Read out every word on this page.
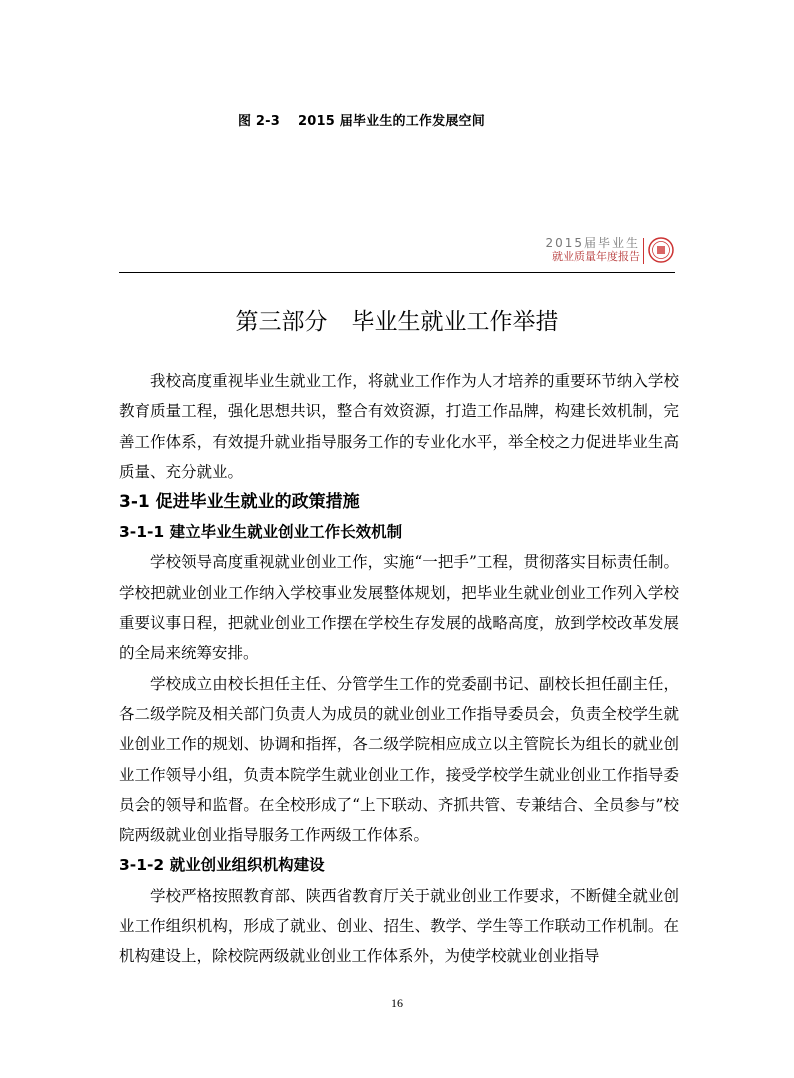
图 2-3 2015 届毕业生的工作发展空间
2015届毕业生
就业质量年度报告
第三部分 毕业生就业工作举措

我校高度重视毕业生就业工作，将就业工作作为人才培养的重要环节纳入学校教育质量工程，强化思想共识，整合有效资源，打造工作品牌，构建长效机制，完善工作体系，有效提升就业指导服务工作的专业化水平，举全校之力促进毕业生高质量、充分就业。

3-1 促进毕业生就业的政策措施
3-1-1 建立毕业生就业创业工作长效机制

学校领导高度重视就业创业工作，实施“一把手”工程，贯彻落实目标责任制。学校把就业创业工作纳入学校事业发展整体规划，把毕业生就业创业工作列入学校重要议事日程，把就业创业工作摆在学校生存发展的战略高度，放到学校改革发展的全局来统筹安排。

学校成立由校长担任主任、分管学生工作的党委副书记、副校长担任副主任，各二级学院及相关部门负责人为成员的就业创业工作指导委员会，负责全校学生就业创业工作的规划、协调和指挥，各二级学院相应成立以主管院长为组长的就业创业工作领导小组，负责本院学生就业创业工作，接受学校学生就业创业工作指导委员会的领导和监督。在全校形成了“上下联动、齐抓共管、专兼结合、全员参与”校院两级就业创业指导服务工作两级工作体系。

3-1-2 就业创业组织机构建设

学校严格按照教育部、陕西省教育厅关于就业创业工作要求，不断健全就业创业工作组织机构，形成了就业、创业、招生、教学、学生等工作联动工作机制。在机构建设上，除校院两级就业创业工作体系外，为使学校就业创业指导

16
